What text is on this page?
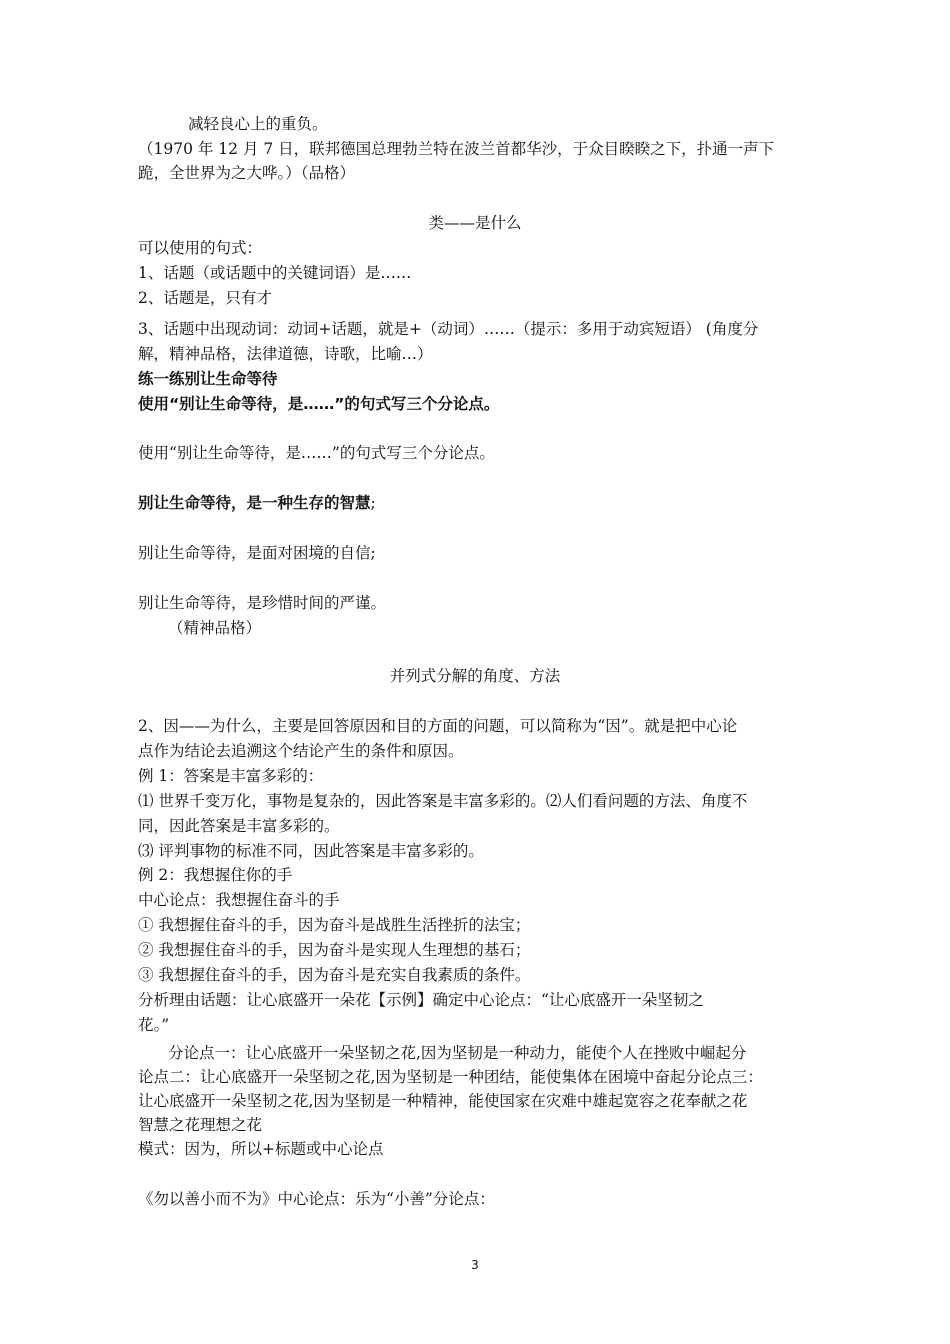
减轻良心上的重负。
（1970 年 12 月 7 日，联邦德国总理勃兰特在波兰首都华沙，于众目睽睽之下，扑通一声下
跪，全世界为之大哗。）（品格）
类——是什么
可以使用的句式：
1、话题（或话题中的关键词语）是……
2、话题是，只有才
3、话题中出现动词：动词+话题，就是+（动词）……（提示：多用于动宾短语） (角度分
解，精神品格，法律道德，诗歌，比喻…）
练一练别让生命等待
使用“别让生命等待，是……”的句式写三个分论点。
使用“别让生命等待，是……”的句式写三个分论点。
别让生命等待，是一种生存的智慧;
别让生命等待，是面对困境的自信;
别让生命等待，是珍惜时间的严谨。
（精神品格）
并列式分解的角度、方法
2、因——为什么，主要是回答原因和目的方面的问题，可以简称为“因”。就是把中心论
点作为结论去追溯这个结论产生的条件和原因。
例 1：答案是丰富多彩的：
⑴ 世界千变万化，事物是复杂的，因此答案是丰富多彩的。⑵人们看问题的方法、角度不
同，因此答案是丰富多彩的。
⑶ 评判事物的标准不同，因此答案是丰富多彩的。
例 2：我想握住你的手
中心论点：我想握住奋斗的手
① 我想握住奋斗的手，因为奋斗是战胜生活挫折的法宝；
② 我想握住奋斗的手，因为奋斗是实现人生理想的基石；
③ 我想握住奋斗的手，因为奋斗是充实自我素质的条件。
分析理由话题：让心底盛开一朵花【示例】确定中心论点：“让心底盛开一朵坚韧之
花。”
分论点一：让心底盛开一朵坚韧之花,因为坚韧是一种动力，能使个人在挫败中崛起分
论点二：让心底盛开一朵坚韧之花,因为坚韧是一种团结，能使集体在困境中奋起分论点三：
让心底盛开一朵坚韧之花,因为坚韧是一种精神，能使国家在灾难中雄起宽容之花奉献之花
智慧之花理想之花
模式：因为，所以+标题或中心论点
《勿以善小而不为》中心论点：乐为“小善”分论点：
3
